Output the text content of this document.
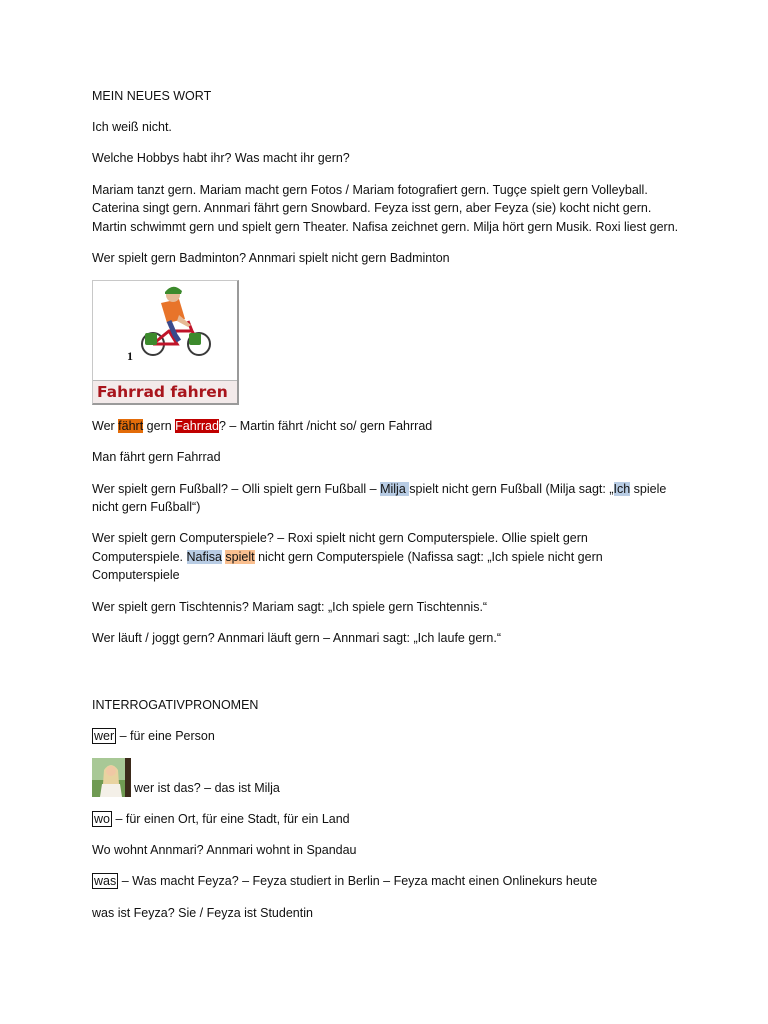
MEIN NEUES WORT

Ich weiß nicht.

Welche Hobbys habt ihr? Was macht ihr gern?

Mariam tanzt gern. Mariam macht gern Fotos / Mariam fotografiert gern. Tugçe spielt gern Volleyball. Caterina singt gern. Annmari fährt gern Snowbard. Feyza isst gern, aber Feyza (sie) kocht nicht gern. Martin schwimmt gern und spielt gern Theater. Nafisa zeichnet gern. Milja hört gern Musik. Roxi liest gern.

Wer spielt gern Badminton? Annmari spielt nicht gern Badminton

1
Fahrrad fahren

Wer fährt gern Fahrrad? – Martin fährt /nicht so/ gern Fahrrad

Man fährt gern Fahrrad

Wer spielt gern Fußball? – Olli spielt gern Fußball – Milja spielt nicht gern Fußball (Milja sagt: „Ich spiele nicht gern Fußball“)

Wer spielt gern Computerspiele? – Roxi spielt nicht gern Computerspiele. Ollie spielt gern Computerspiele. Nafisa spielt nicht gern Computerspiele (Nafissa sagt: „Ich spiele nicht gern Computerspiele

Wer spielt gern Tischtennis? Mariam sagt: „Ich spiele gern Tischtennis.“

Wer läuft / joggt gern? Annmari läuft gern – Annmari sagt: „Ich laufe gern.“

INTERROGATIVPRONOMEN

wer – für eine Person

wer ist das? – das ist Milja

wo – für einen Ort, für eine Stadt, für ein Land

Wo wohnt Annmari? Annmari wohnt in Spandau

was – Was macht Feyza? – Feyza studiert in Berlin – Feyza macht einen Onlinekurs heute

was ist Feyza? Sie / Feyza ist Studentin
